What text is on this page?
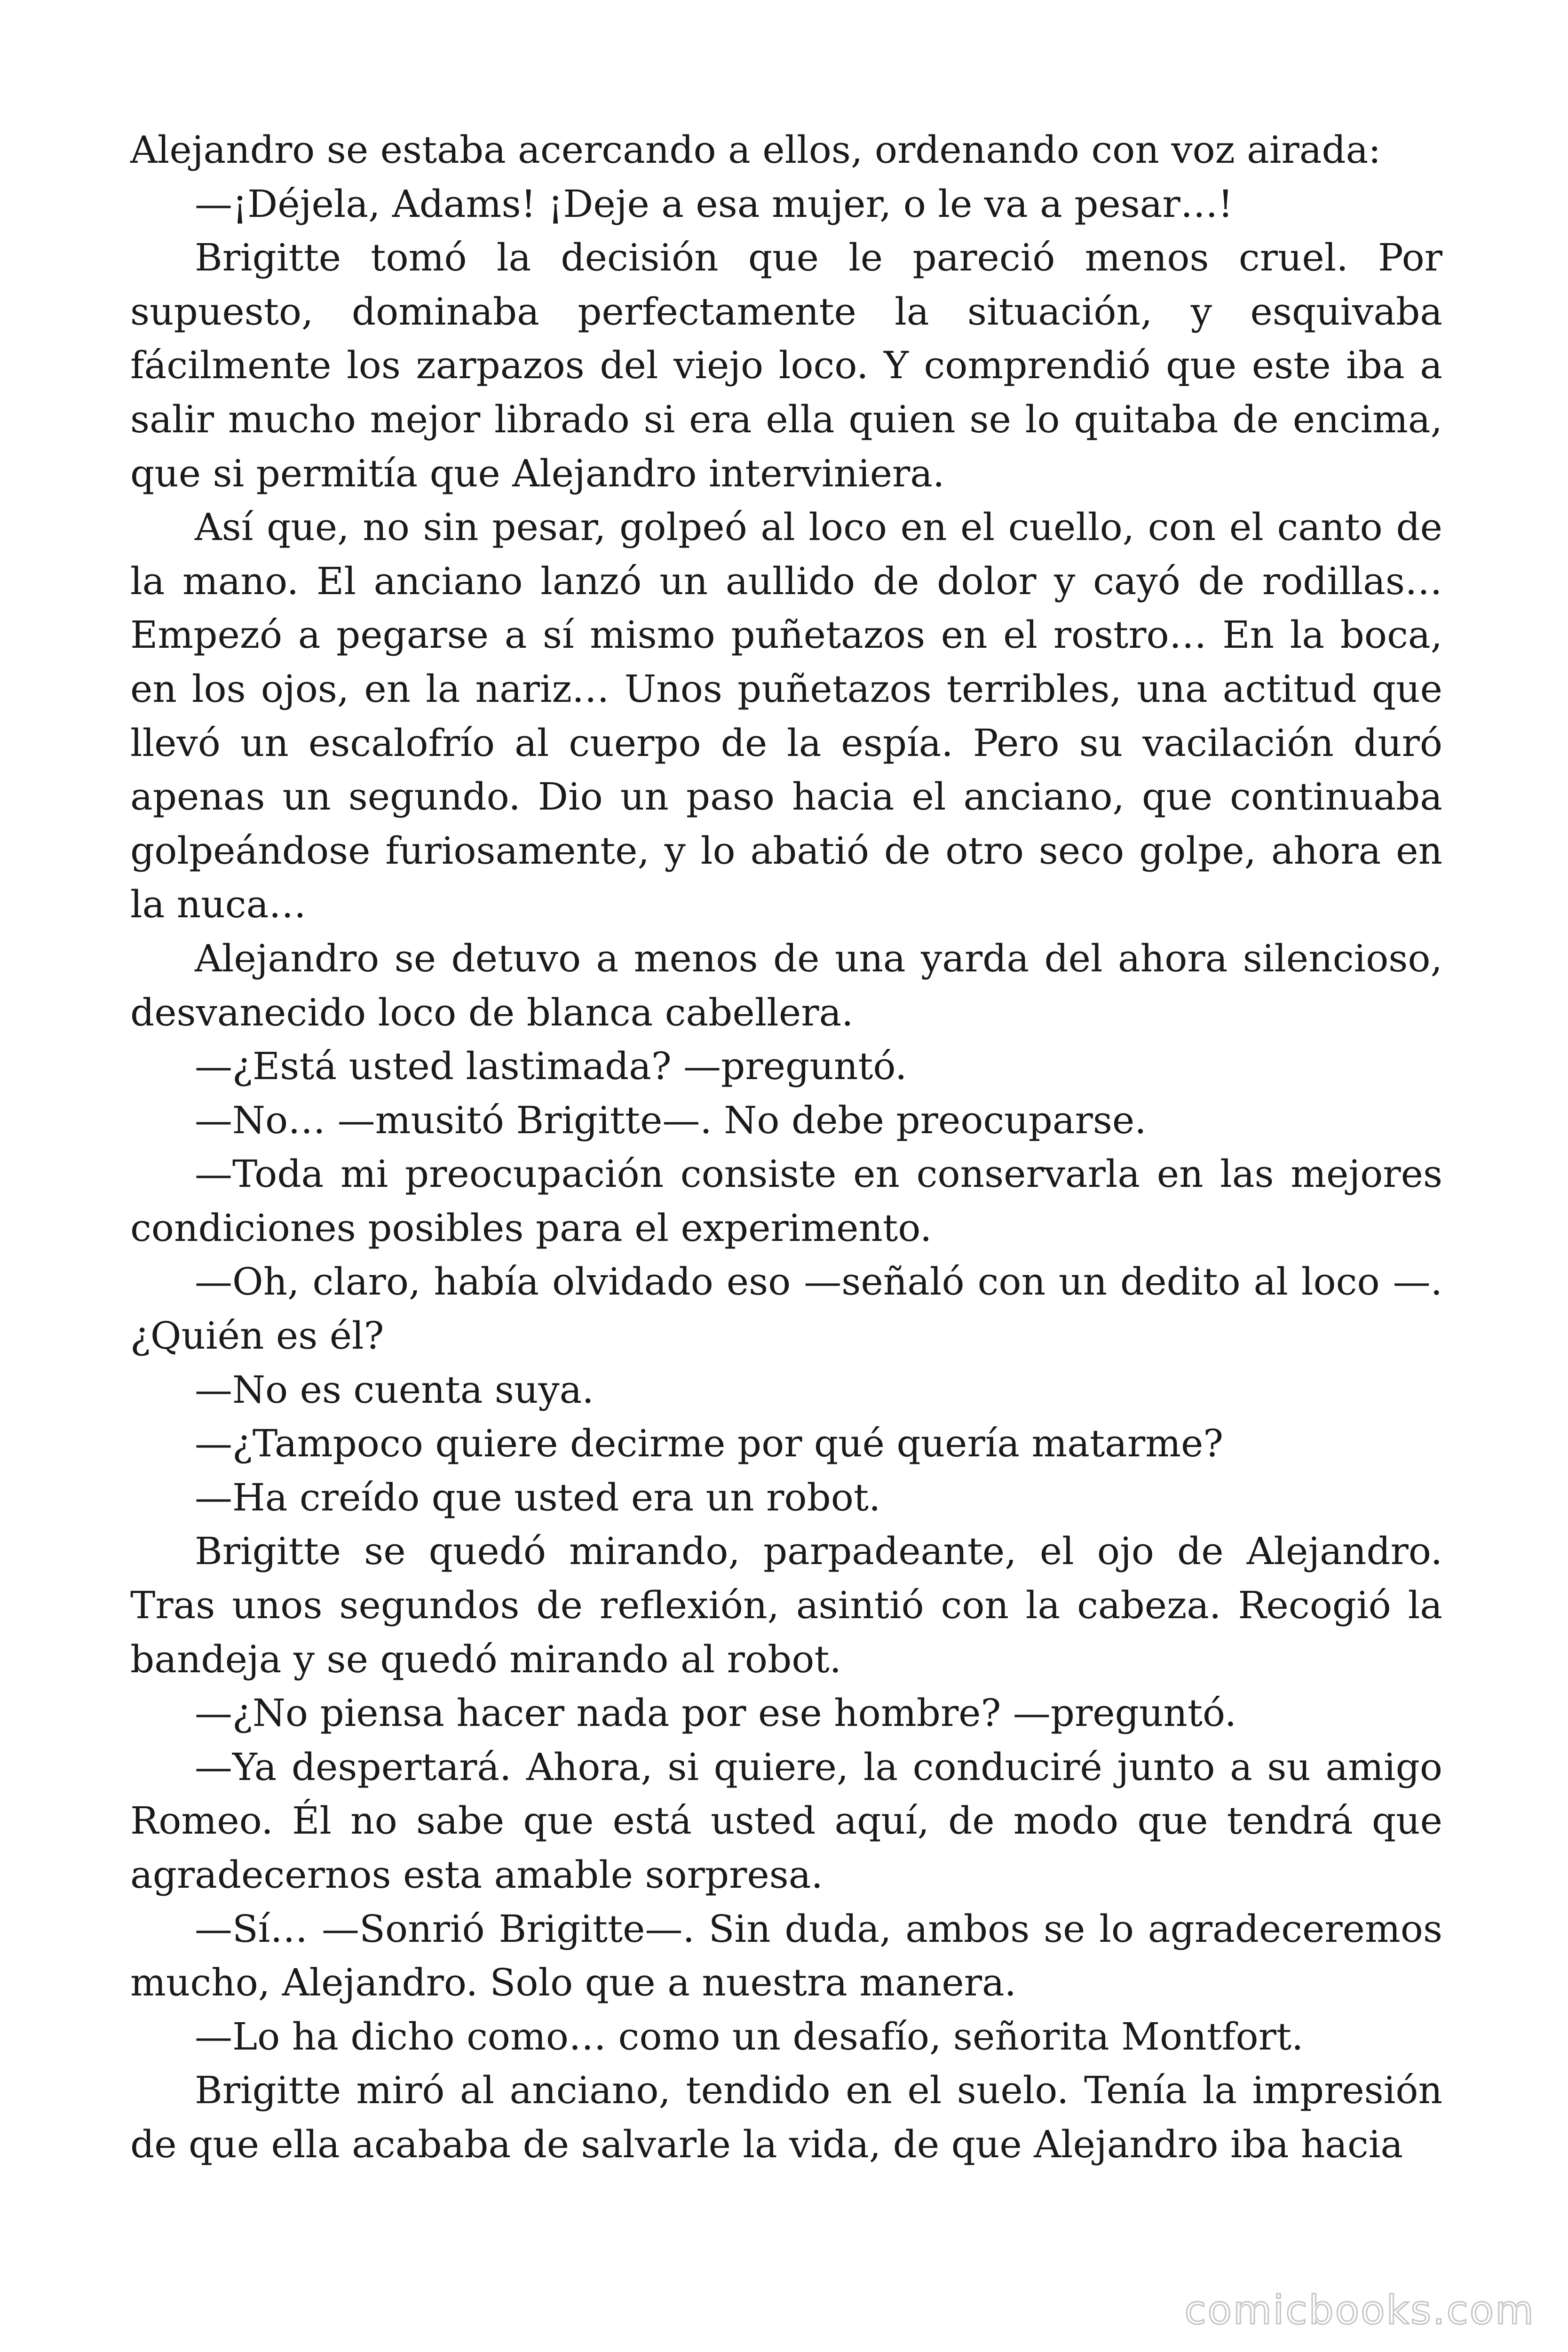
Alejandro se estaba acercando a ellos, ordenando con voz airada:

—¡Déjela, Adams! ¡Deje a esa mujer, o le va a pesar…!

Brigitte tomó la decisión que le pareció menos cruel. Por supuesto, dominaba perfectamente la situación, y esquivaba fácilmente los zarpazos del viejo loco. Y comprendió que este iba a salir mucho mejor librado si era ella quien se lo quitaba de encima, que si permitía que Alejandro interviniera.

Así que, no sin pesar, golpeó al loco en el cuello, con el canto de la mano. El anciano lanzó un aullido de dolor y cayó de rodillas… Empezó a pegarse a sí mismo puñetazos en el rostro… En la boca, en los ojos, en la nariz… Unos puñetazos terribles, una actitud que llevó un escalofrío al cuerpo de la espía. Pero su vacilación duró apenas un segundo. Dio un paso hacia el anciano, que continuaba golpeándose furiosamente, y lo abatió de otro seco golpe, ahora en la nuca…

Alejandro se detuvo a menos de una yarda del ahora silencioso, desvanecido loco de blanca cabellera.

—¿Está usted lastimada? —preguntó.

—No… —musitó Brigitte—. No debe preocuparse.

—Toda mi preocupación consiste en conservarla en las mejores condiciones posibles para el experimento.

—Oh, claro, había olvidado eso —señaló con un dedito al loco —. ¿Quién es él?

—No es cuenta suya.

—¿Tampoco quiere decirme por qué quería matarme?

—Ha creído que usted era un robot.

Brigitte se quedó mirando, parpadeante, el ojo de Alejandro. Tras unos segundos de reflexión, asintió con la cabeza. Recogió la bandeja y se quedó mirando al robot.

—¿No piensa hacer nada por ese hombre? —preguntó.

—Ya despertará. Ahora, si quiere, la conduciré junto a su amigo Romeo. Él no sabe que está usted aquí, de modo que tendrá que agradecernos esta amable sorpresa.

—Sí… —Sonrió Brigitte—. Sin duda, ambos se lo agradeceremos mucho, Alejandro. Solo que a nuestra manera.

—Lo ha dicho como… como un desafío, señorita Montfort.

Brigitte miró al anciano, tendido en el suelo. Tenía la impresión de que ella acababa de salvarle la vida, de que Alejandro iba hacia

comicbooks.com
